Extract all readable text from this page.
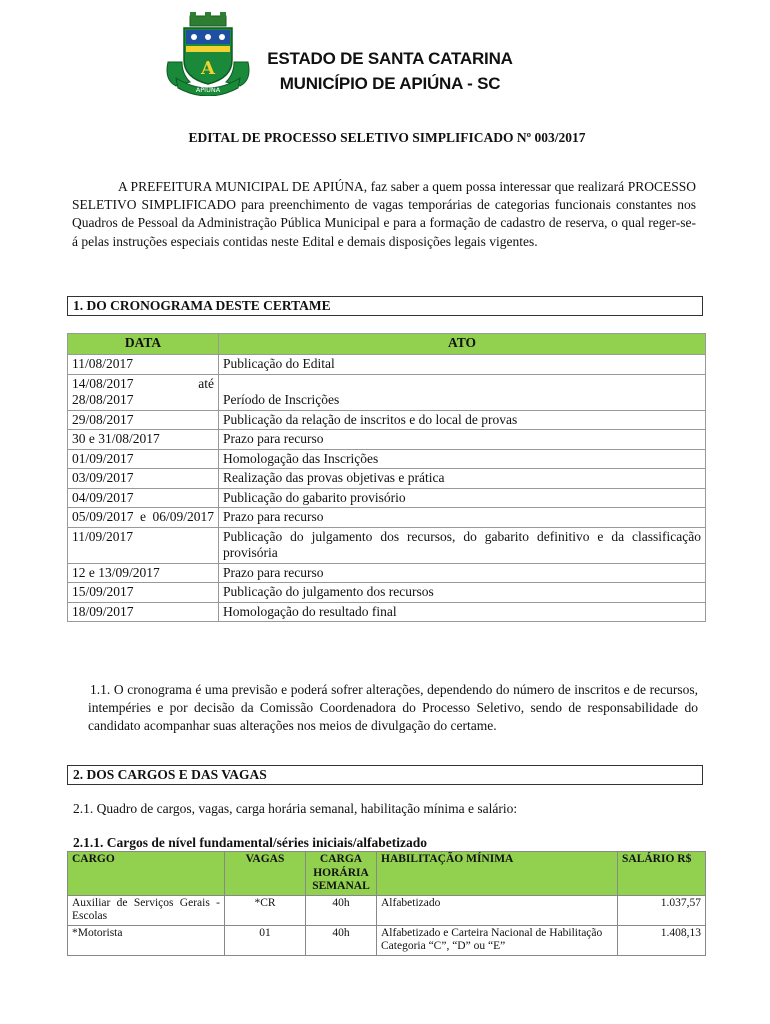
APIÚNA
A	ESTADO DE SANTA CATARINA
MUNICÍPIO DE APIÚNA - SC
EDITAL DE PROCESSO SELETIVO SIMPLIFICADO Nº 003/2017

A PREFEITURA MUNICIPAL DE APIÚNA, faz saber a quem possa interessar que realizará PROCESSO SELETIVO SIMPLIFICADO para preenchimento de vagas temporárias de categorias funcionais constantes nos Quadros de Pessoal da Administração Pública Municipal e para a formação de cadastro de reserva, o qual reger-se-á pelas instruções especiais contidas neste Edital e demais disposições legais vigentes.

1. DO CRONOGRAMA DESTE CERTAME
DATA	ATO
11/08/2017	Publicação do Edital
14/08/2017 até 28/08/2017	Período de Inscrições
29/08/2017	Publicação da relação de inscritos e do local de provas
30 e 31/08/2017	Prazo para recurso
01/09/2017	Homologação das Inscrições
03/09/2017	Realização das provas objetivas e prática
04/09/2017	Publicação do gabarito provisório
05/09/2017 e 06/09/2017	Prazo para recurso
11/09/2017	Publicação do julgamento dos recursos, do gabarito definitivo e da classificação provisória
12 e 13/09/2017	Prazo para recurso
15/09/2017	Publicação do julgamento dos recursos
18/09/2017	Homologação do resultado final

1.1. O cronograma é uma previsão e poderá sofrer alterações, dependendo do número de inscritos e de recursos, intempéries e por decisão da Comissão Coordenadora do Processo Seletivo, sendo de responsabilidade do candidato acompanhar suas alterações nos meios de divulgação do certame.

2. DOS CARGOS E DAS VAGAS
2.1. Quadro de cargos, vagas, carga horária semanal, habilitação mínima e salário:
2.1.1. Cargos de nível fundamental/séries iniciais/alfabetizado
CARGO	VAGAS	CARGA HORÁRIA SEMANAL	HABILITAÇÃO MÍNIMA	SALÁRIO R$
Auxiliar de Serviços Gerais - Escolas	*CR	40h	Alfabetizado	1.037,57
*Motorista	01	40h	Alfabetizado e Carteira Nacional de Habilitação Categoria “C”, “D” ou “E”	1.408,13
